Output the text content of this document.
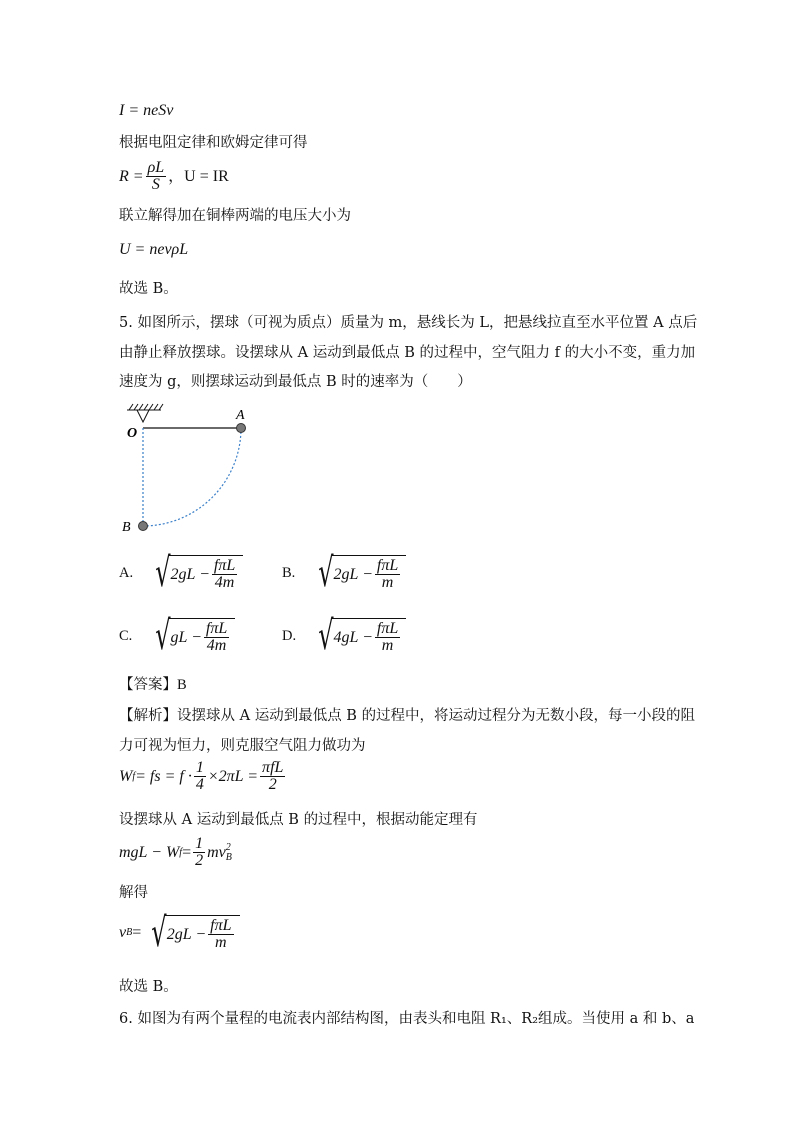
I = neSv
根据电阻定律和欧姆定律可得
$R = \frac{\rho L}{S}$ ，U = IR
联立解得加在铜棒两端的电压大小为
U = nevρL
故选 B。
5. 如图所示，摆球（可视为质点）质量为 m，悬线长为 L，把悬线拉直至水平位置 A 点后
由静止释放摆球。设摆球从 A 运动到最低点 B 的过程中，空气阻力 f 的大小不变，重力加
速度为 g，则摆球运动到最低点 B 时的速率为（　　）
O
A
B
A. √ $2gL - \frac{\text{fπL}}{4m}$	B. √ $2gL - \frac{\text{fπL}}{m}$
C. √ gL − $\frac{\text{fπL}}{4m}$	D. √ $4gL - \frac{\text{fπL}}{m}$
【答案】B
【解析】设摆球从 A 运动到最低点 B 的过程中，将运动过程分为无数小段，每一小段的阻
力可视为恒力，则克服空气阻力做功为
W f = fs = $f \cdot \frac{1}{4} \times 2\pi L = \frac{\text{πfL}}{2}$
设摆球从 A 运动到最低点 B 的过程中，根据动能定理有
mgL − W $f = \frac{1}{2}$ mv 2
B
解得
v B = √ $2gL - \frac{\text{fπL}}{m}$
故选 B。
6. 如图为有两个量程的电流表内部结构图，由表头和电阻 R₁、R₂组成。当使用 a 和 b、a
